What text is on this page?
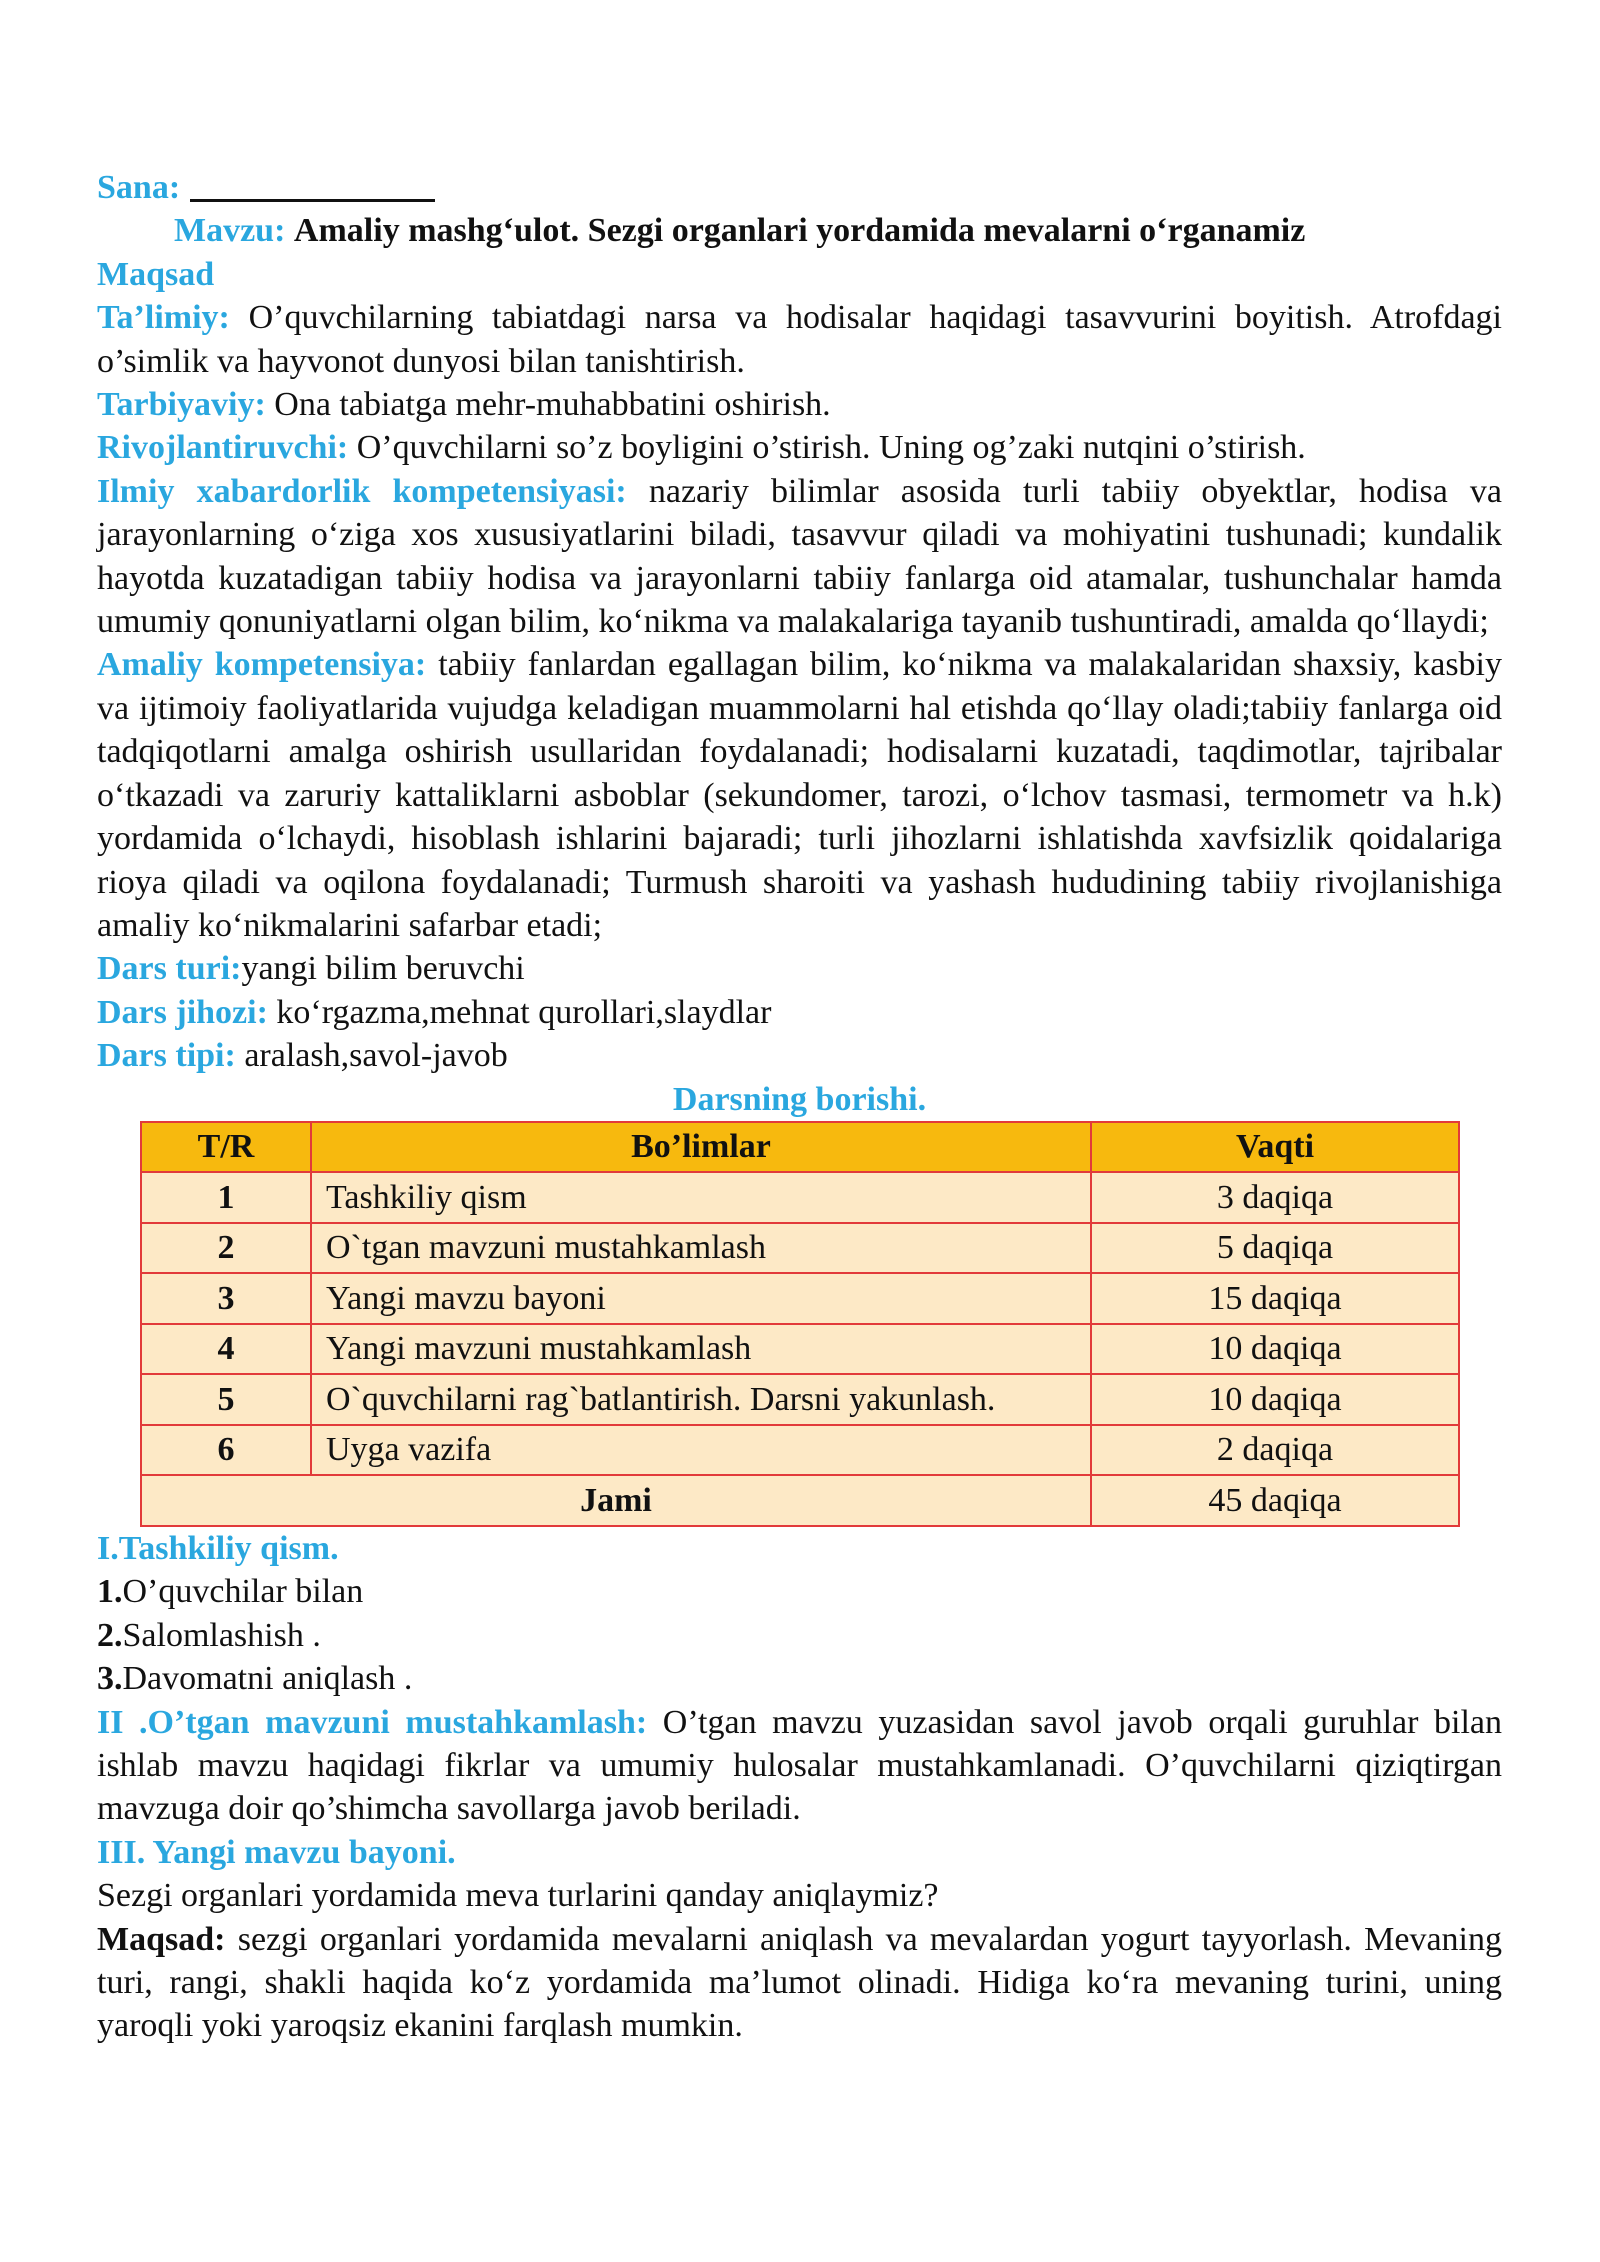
Sana:

Mavzu: Amaliy mashg‘ulot. Sezgi organlari yordamida mevalarni o‘rganamiz

Maqsad

Ta’limiy: O’quvchilarning tabiatdagi narsa va hodisalar haqidagi tasavvurini boyitish. Atrofdagi o’simlik va hayvonot dunyosi bilan tanishtirish.

Tarbiyaviy: Ona tabiatga mehr-muhabbatini oshirish.

Rivojlantiruvchi: O’quvchilarni so’z boyligini o’stirish. Uning og’zaki nutqini o’stirish.

Ilmiy xabardorlik kompetensiyasi: nazariy bilimlar asosida turli tabiiy obyektlar, hodisa va jarayonlarning o‘ziga xos xususiyatlarini biladi, tasavvur qiladi va mohiyatini tushunadi; kundalik hayotda kuzatadigan tabiiy hodisa va jarayonlarni tabiiy fanlarga oid atamalar, tushunchalar hamda umumiy qonuniyatlarni olgan bilim, ko‘nikma va malakalariga tayanib tushuntiradi, amalda qo‘llaydi;

Amaliy kompetensiya: tabiiy fanlardan egallagan bilim, ko‘nikma va malakalaridan shaxsiy, kasbiy va ijtimoiy faoliyatlarida vujudga keladigan muammolarni hal etishda qo‘llay oladi;tabiiy fanlarga oid tadqiqotlarni amalga oshirish usullaridan foydalanadi; hodisalarni kuzatadi, taqdimotlar, tajribalar o‘tkazadi va zaruriy kattaliklarni asboblar (sekundomer, tarozi, o‘lchov tasmasi, termometr va h.k) yordamida o‘lchaydi, hisoblash ishlarini bajaradi; turli jihozlarni ishlatishda xavfsizlik qoidalariga rioya qiladi va oqilona foydalanadi; Turmush sharoiti va yashash hududining tabiiy rivojlanishiga amaliy ko‘nikmalarini safarbar etadi;

Dars turi:yangi bilim beruvchi

Dars jihozi: ko‘rgazma,mehnat qurollari,slaydlar

Dars tipi: aralash,savol-javob

Darsning borishi.

T/R	Bo’limlar	Vaqti
1	Tashkiliy qism	3 daqiqa
2	O`tgan mavzuni mustahkamlash	5 daqiqa
3	Yangi mavzu bayoni	15 daqiqa
4	Yangi mavzuni mustahkamlash	10 daqiqa
5	O`quvchilarni rag`batlantirish. Darsni yakunlash.	10 daqiqa
6	Uyga vazifa	2 daqiqa
Jami		45 daqiqa

I.Tashkiliy qism.

1.O’quvchilar bilan

2.Salomlashish .

3.Davomatni aniqlash .

II .O’tgan mavzuni mustahkamlash: O’tgan mavzu yuzasidan savol javob orqali guruhlar bilan ishlab mavzu haqidagi fikrlar va umumiy hulosalar mustahkamlanadi. O’quvchilarni qiziqtirgan mavzuga doir qo’shimcha savollarga javob beriladi.

III. Yangi mavzu bayoni.

Sezgi organlari yordamida meva turlarini qanday aniqlaymiz?

Maqsad: sezgi organlari yordamida mevalarni aniqlash va mevalardan yogurt tayyorlash. Mevaning turi, rangi, shakli haqida ko‘z yordamida ma’lumot olinadi. Hidiga ko‘ra mevaning turini, uning yaroqli yoki yaroqsiz ekanini farqlash mumkin.
